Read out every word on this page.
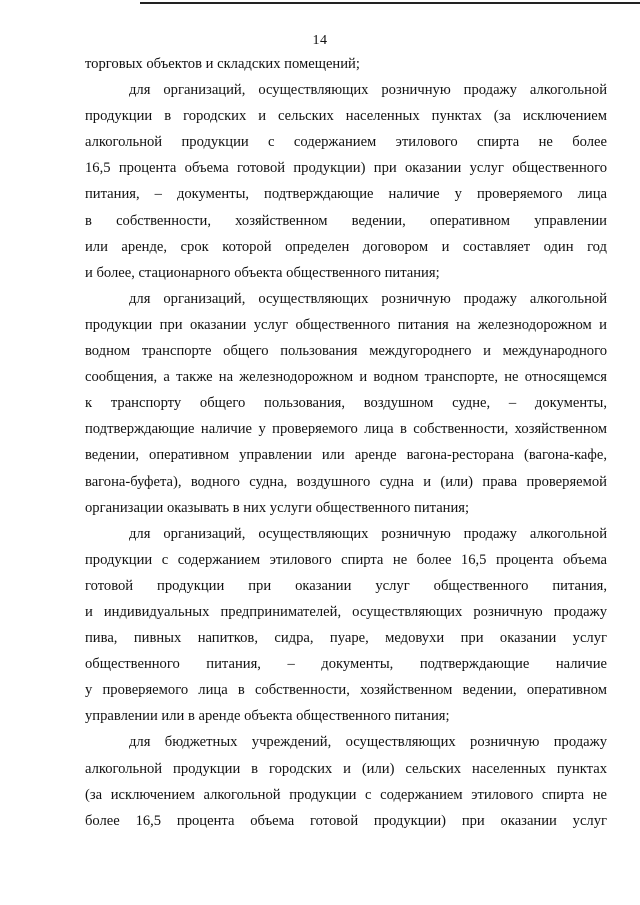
14
торговых объектов и складских помещений;
для организаций, осуществляющих розничную продажу алкогольной
продукции в городских и сельских населенных пунктах (за исключением
алкогольной продукции с содержанием этилового спирта не более
16,5 процента объема готовой продукции) при оказании услуг общественного
питания, – документы, подтверждающие наличие у проверяемого лица
в собственности, хозяйственном ведении, оперативном управлении
или аренде, срок которой определен договором и составляет один год
и более, стационарного объекта общественного питания;
для организаций, осуществляющих розничную продажу алкогольной
продукции при оказании услуг общественного питания на железнодорожном и
водном транспорте общего пользования междугороднего и международного
сообщения, а также на железнодорожном и водном транспорте, не относящемся
к транспорту общего пользования, воздушном судне, – документы,
подтверждающие наличие у проверяемого лица в собственности, хозяйственном
ведении, оперативном управлении или аренде вагона-ресторана (вагона-кафе,
вагона-буфета), водного судна, воздушного судна и (или) права проверяемой
организации оказывать в них услуги общественного питания;
для организаций, осуществляющих розничную продажу алкогольной
продукции с содержанием этилового спирта не более 16,5 процента объема
готовой продукции при оказании услуг общественного питания,
и индивидуальных предпринимателей, осуществляющих розничную продажу
пива, пивных напитков, сидра, пуаре, медовухи при оказании услуг
общественного питания, – документы, подтверждающие наличие
у проверяемого лица в собственности, хозяйственном ведении, оперативном
управлении или в аренде объекта общественного питания;
для бюджетных учреждений, осуществляющих розничную продажу
алкогольной продукции в городских и (или) сельских населенных пунктах
(за исключением алкогольной продукции с содержанием этилового спирта не
более 16,5 процента объема готовой продукции) при оказании услуг
